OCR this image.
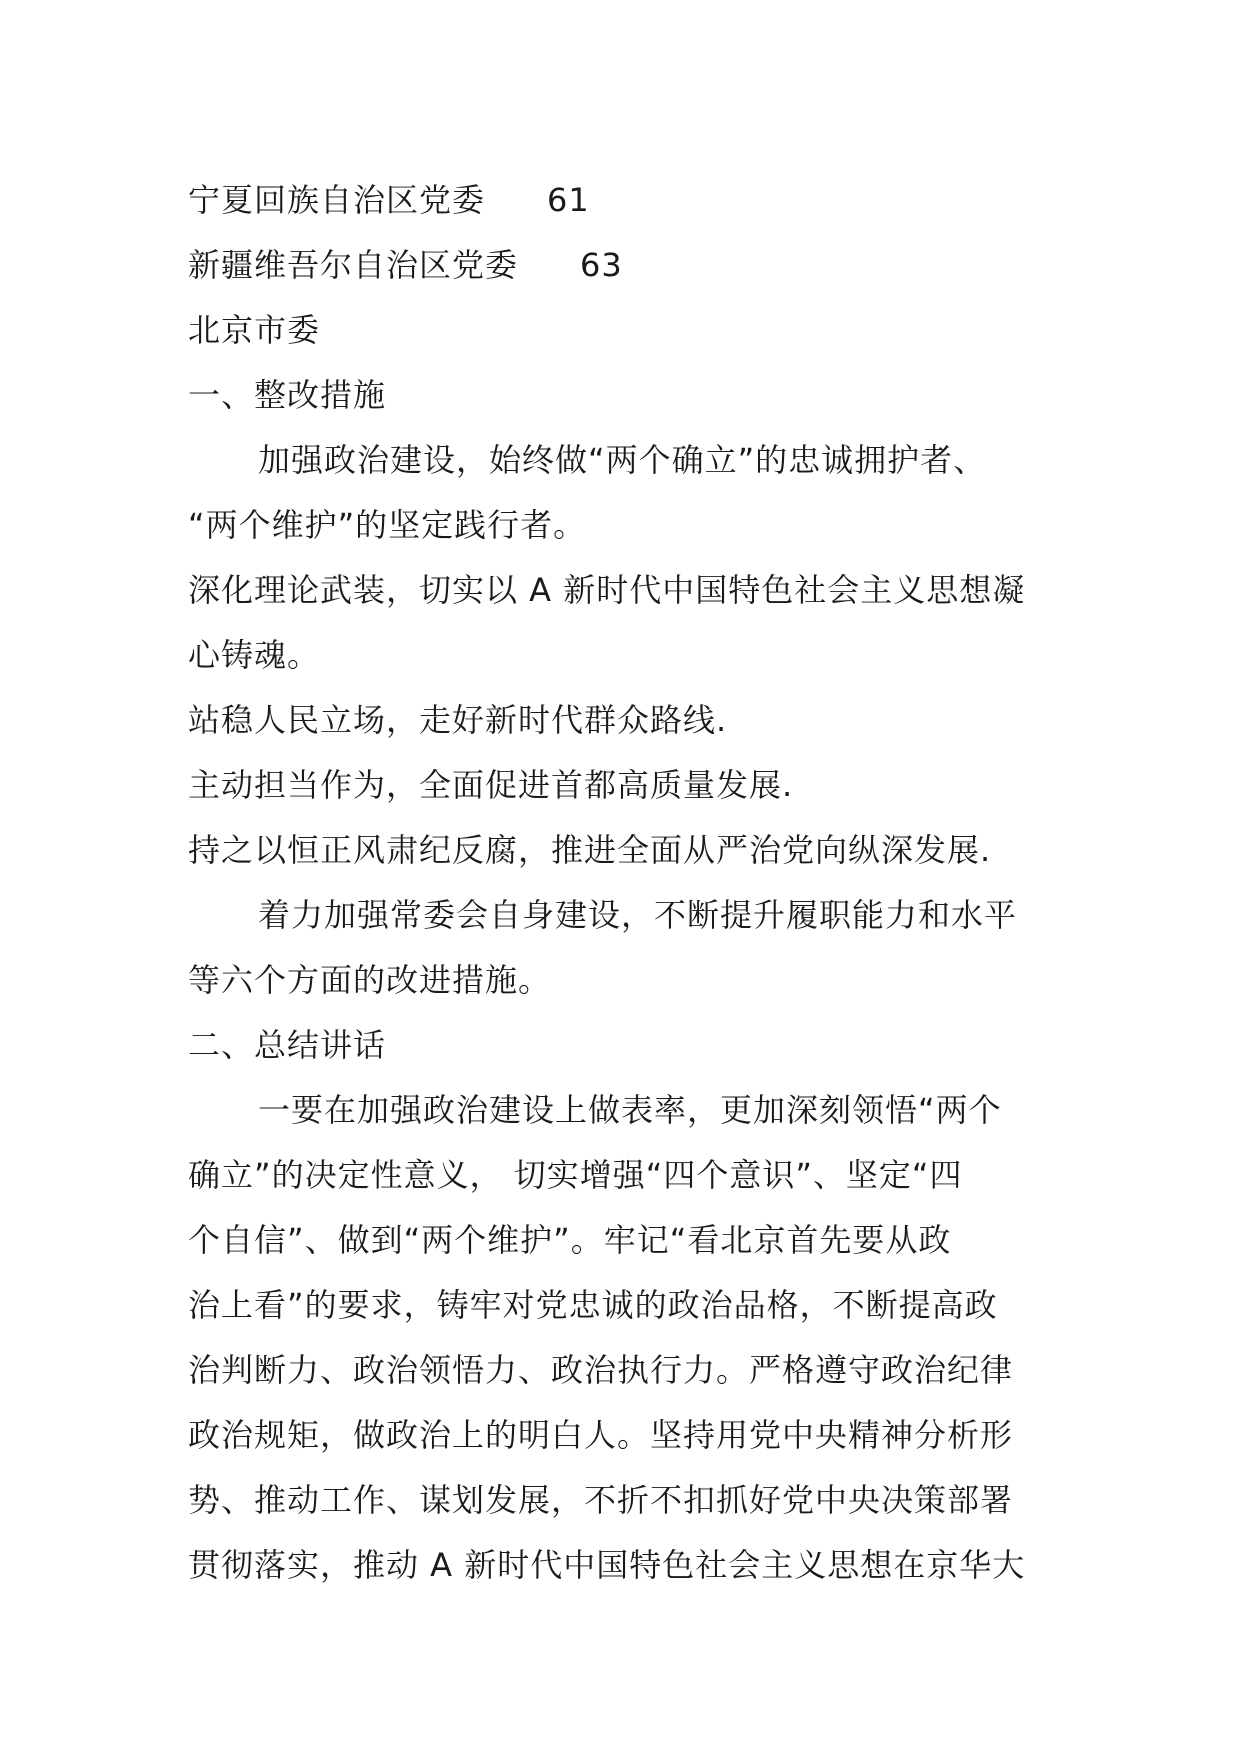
宁夏回族自治区党委 61
新疆维吾尔自治区党委 63
北京市委
一、整改措施
加强政治建设，始终做“两个确立”的忠诚拥护者、
“两个维护”的坚定践行者。
深化理论武装，切实以 A 新时代中国特色社会主义思想凝
心铸魂。
站稳人民立场，走好新时代群众路线.
主动担当作为，全面促进首都高质量发展.
持之以恒正风肃纪反腐，推进全面从严治党向纵深发展.
着力加强常委会自身建设，不断提升履职能力和水平
等六个方面的改进措施。
二、总结讲话
一要在加强政治建设上做表率，更加深刻领悟“两个
确立”的决定性意义， 切实增强“四个意识”、坚定“四
个自信”、做到“两个维护”。牢记“看北京首先要从政
治上看”的要求，铸牢对党忠诚的政治品格，不断提高政
治判断力、政治领悟力、政治执行力。严格遵守政治纪律
政治规矩，做政治上的明白人。坚持用党中央精神分析形
势、推动工作、谋划发展，不折不扣抓好党中央决策部署
贯彻落实，推动 A 新时代中国特色社会主义思想在京华大
